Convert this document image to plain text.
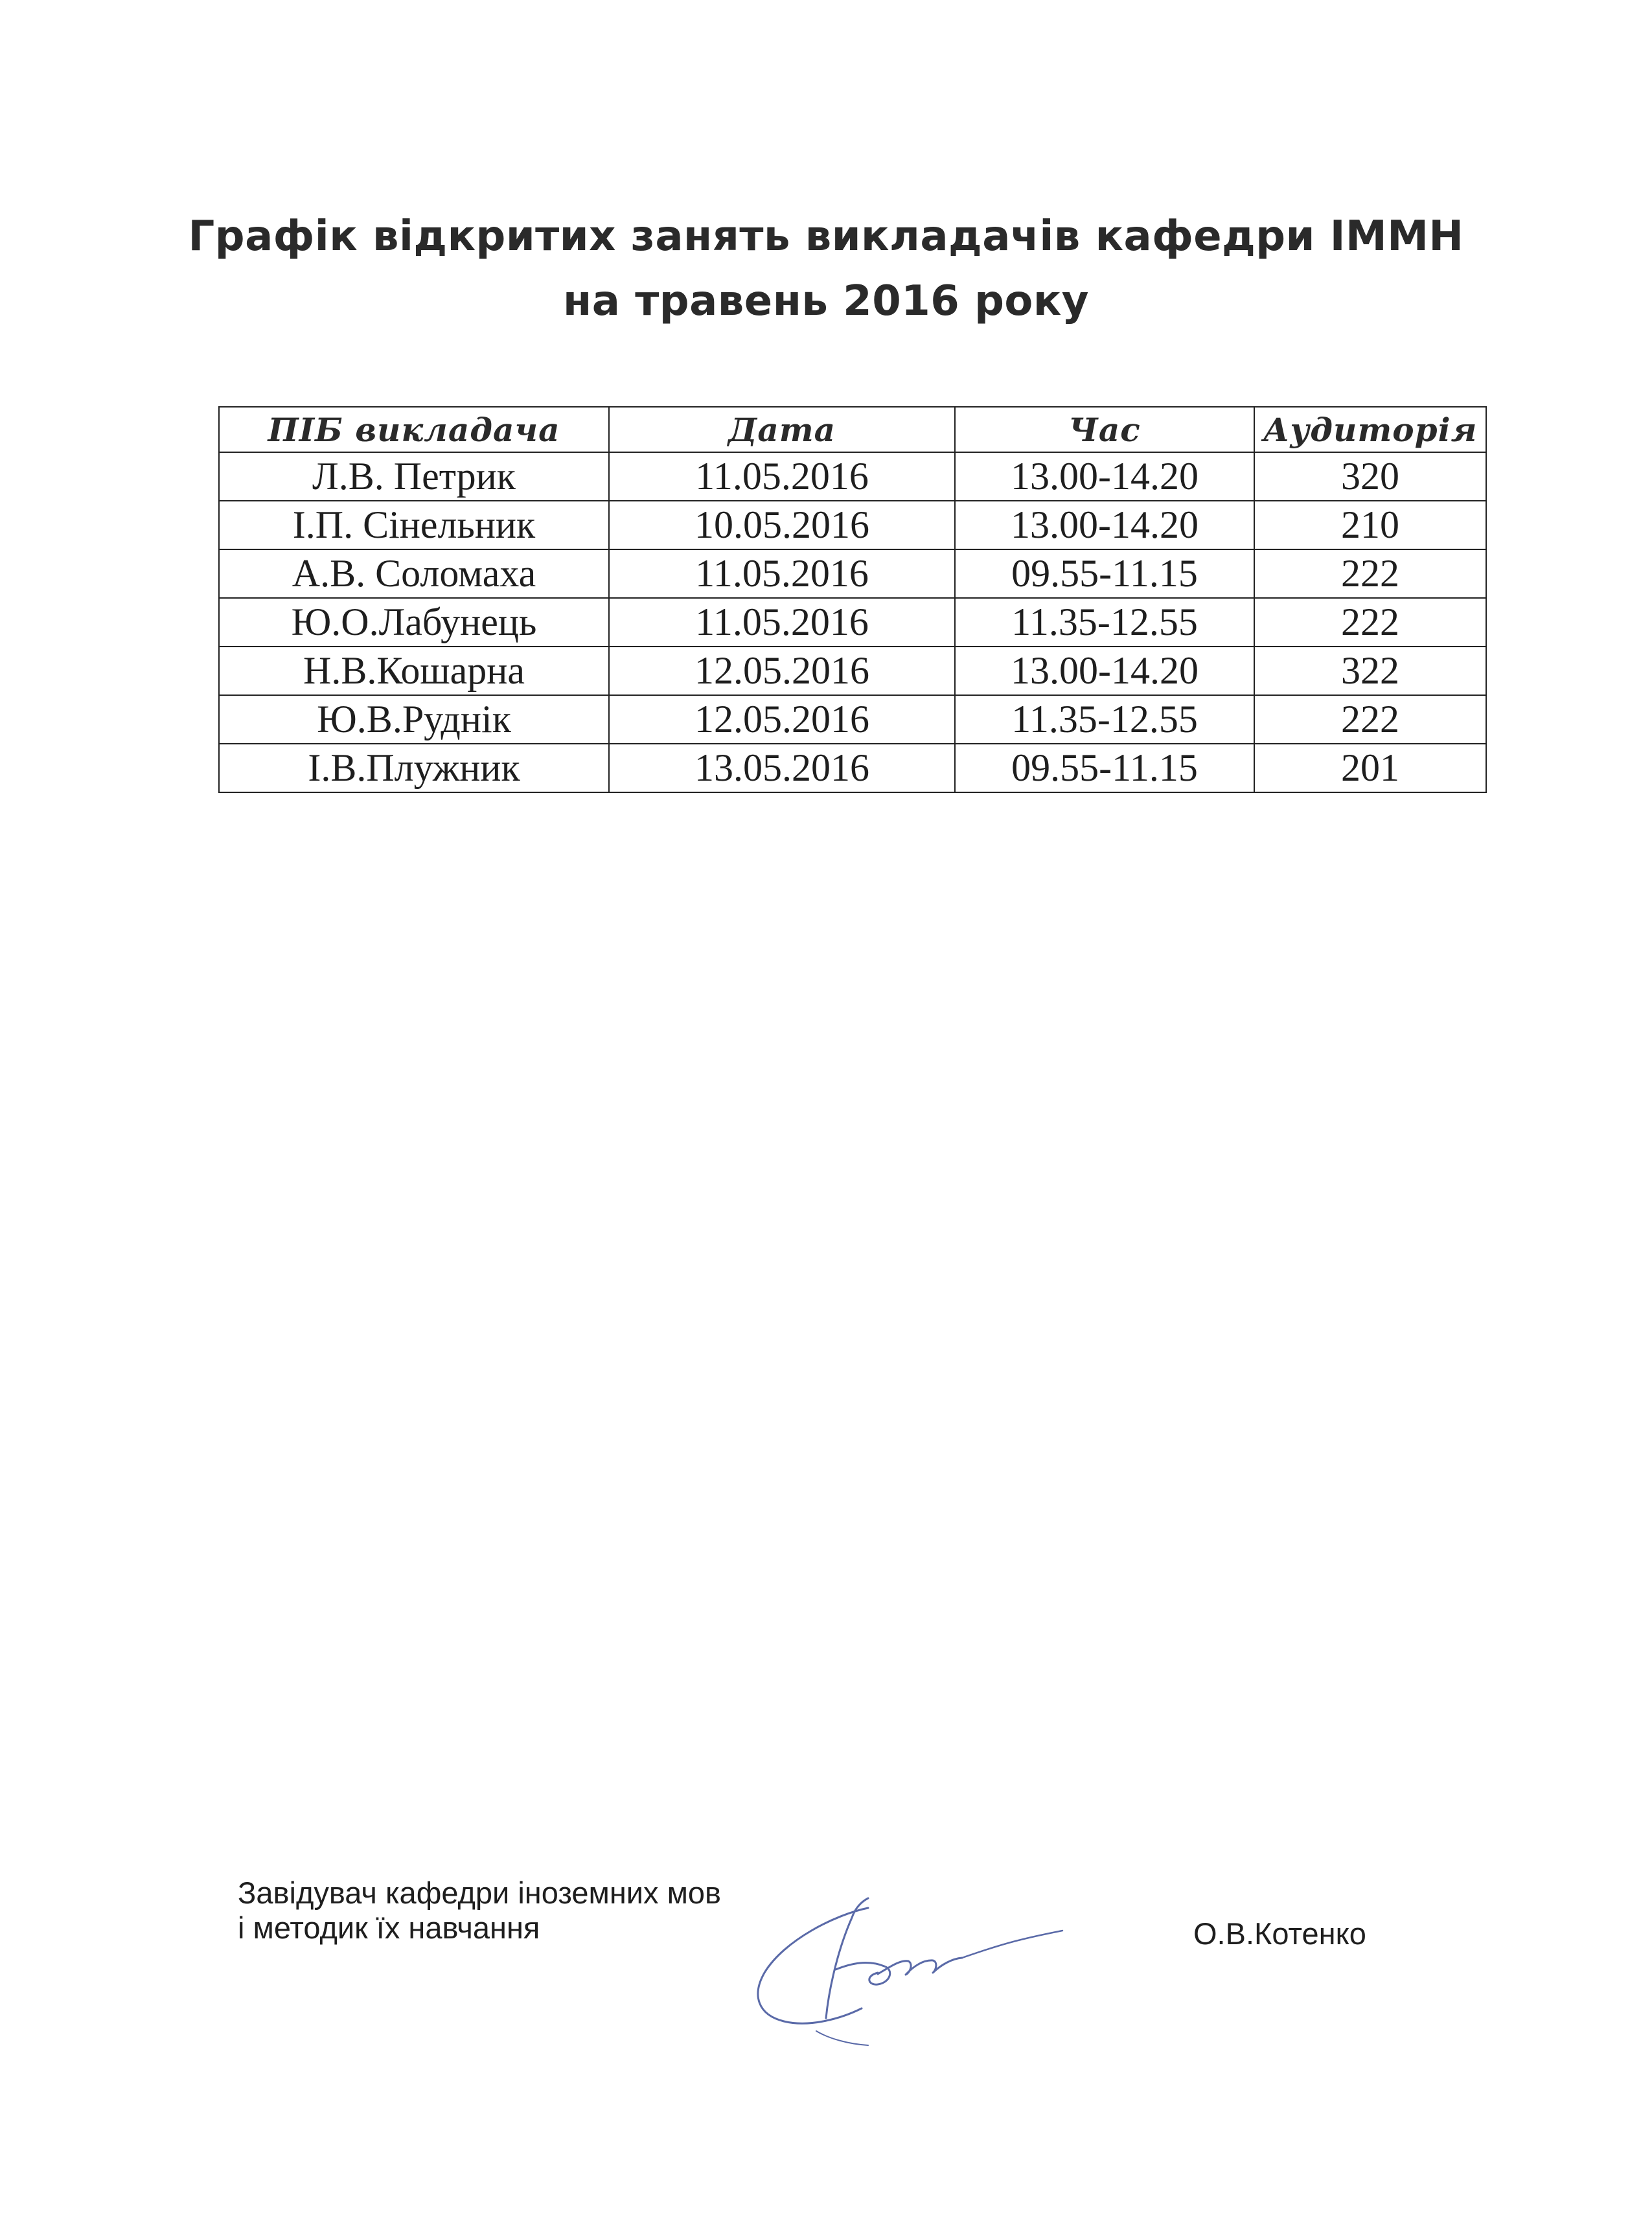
Графік відкритих занять викладачів кафедри ІММН
на травень 2016 року
ПІБ викладача	Дата	Час	Аудиторія
Л.В. Петрик	11.05.2016	13.00-14.20	320
І.П. Сінельник	10.05.2016	13.00-14.20	210
А.В. Соломаха	11.05.2016	09.55-11.15	222
Ю.О.Лабунець	11.05.2016	11.35-12.55	222
Н.В.Кошарна	12.05.2016	13.00-14.20	322
Ю.В.Руднік	12.05.2016	11.35-12.55	222
І.В.Плужник	13.05.2016	09.55-11.15	201
Завідувач кафедри іноземних мов
і методик їх навчання	О.В.Котенко
